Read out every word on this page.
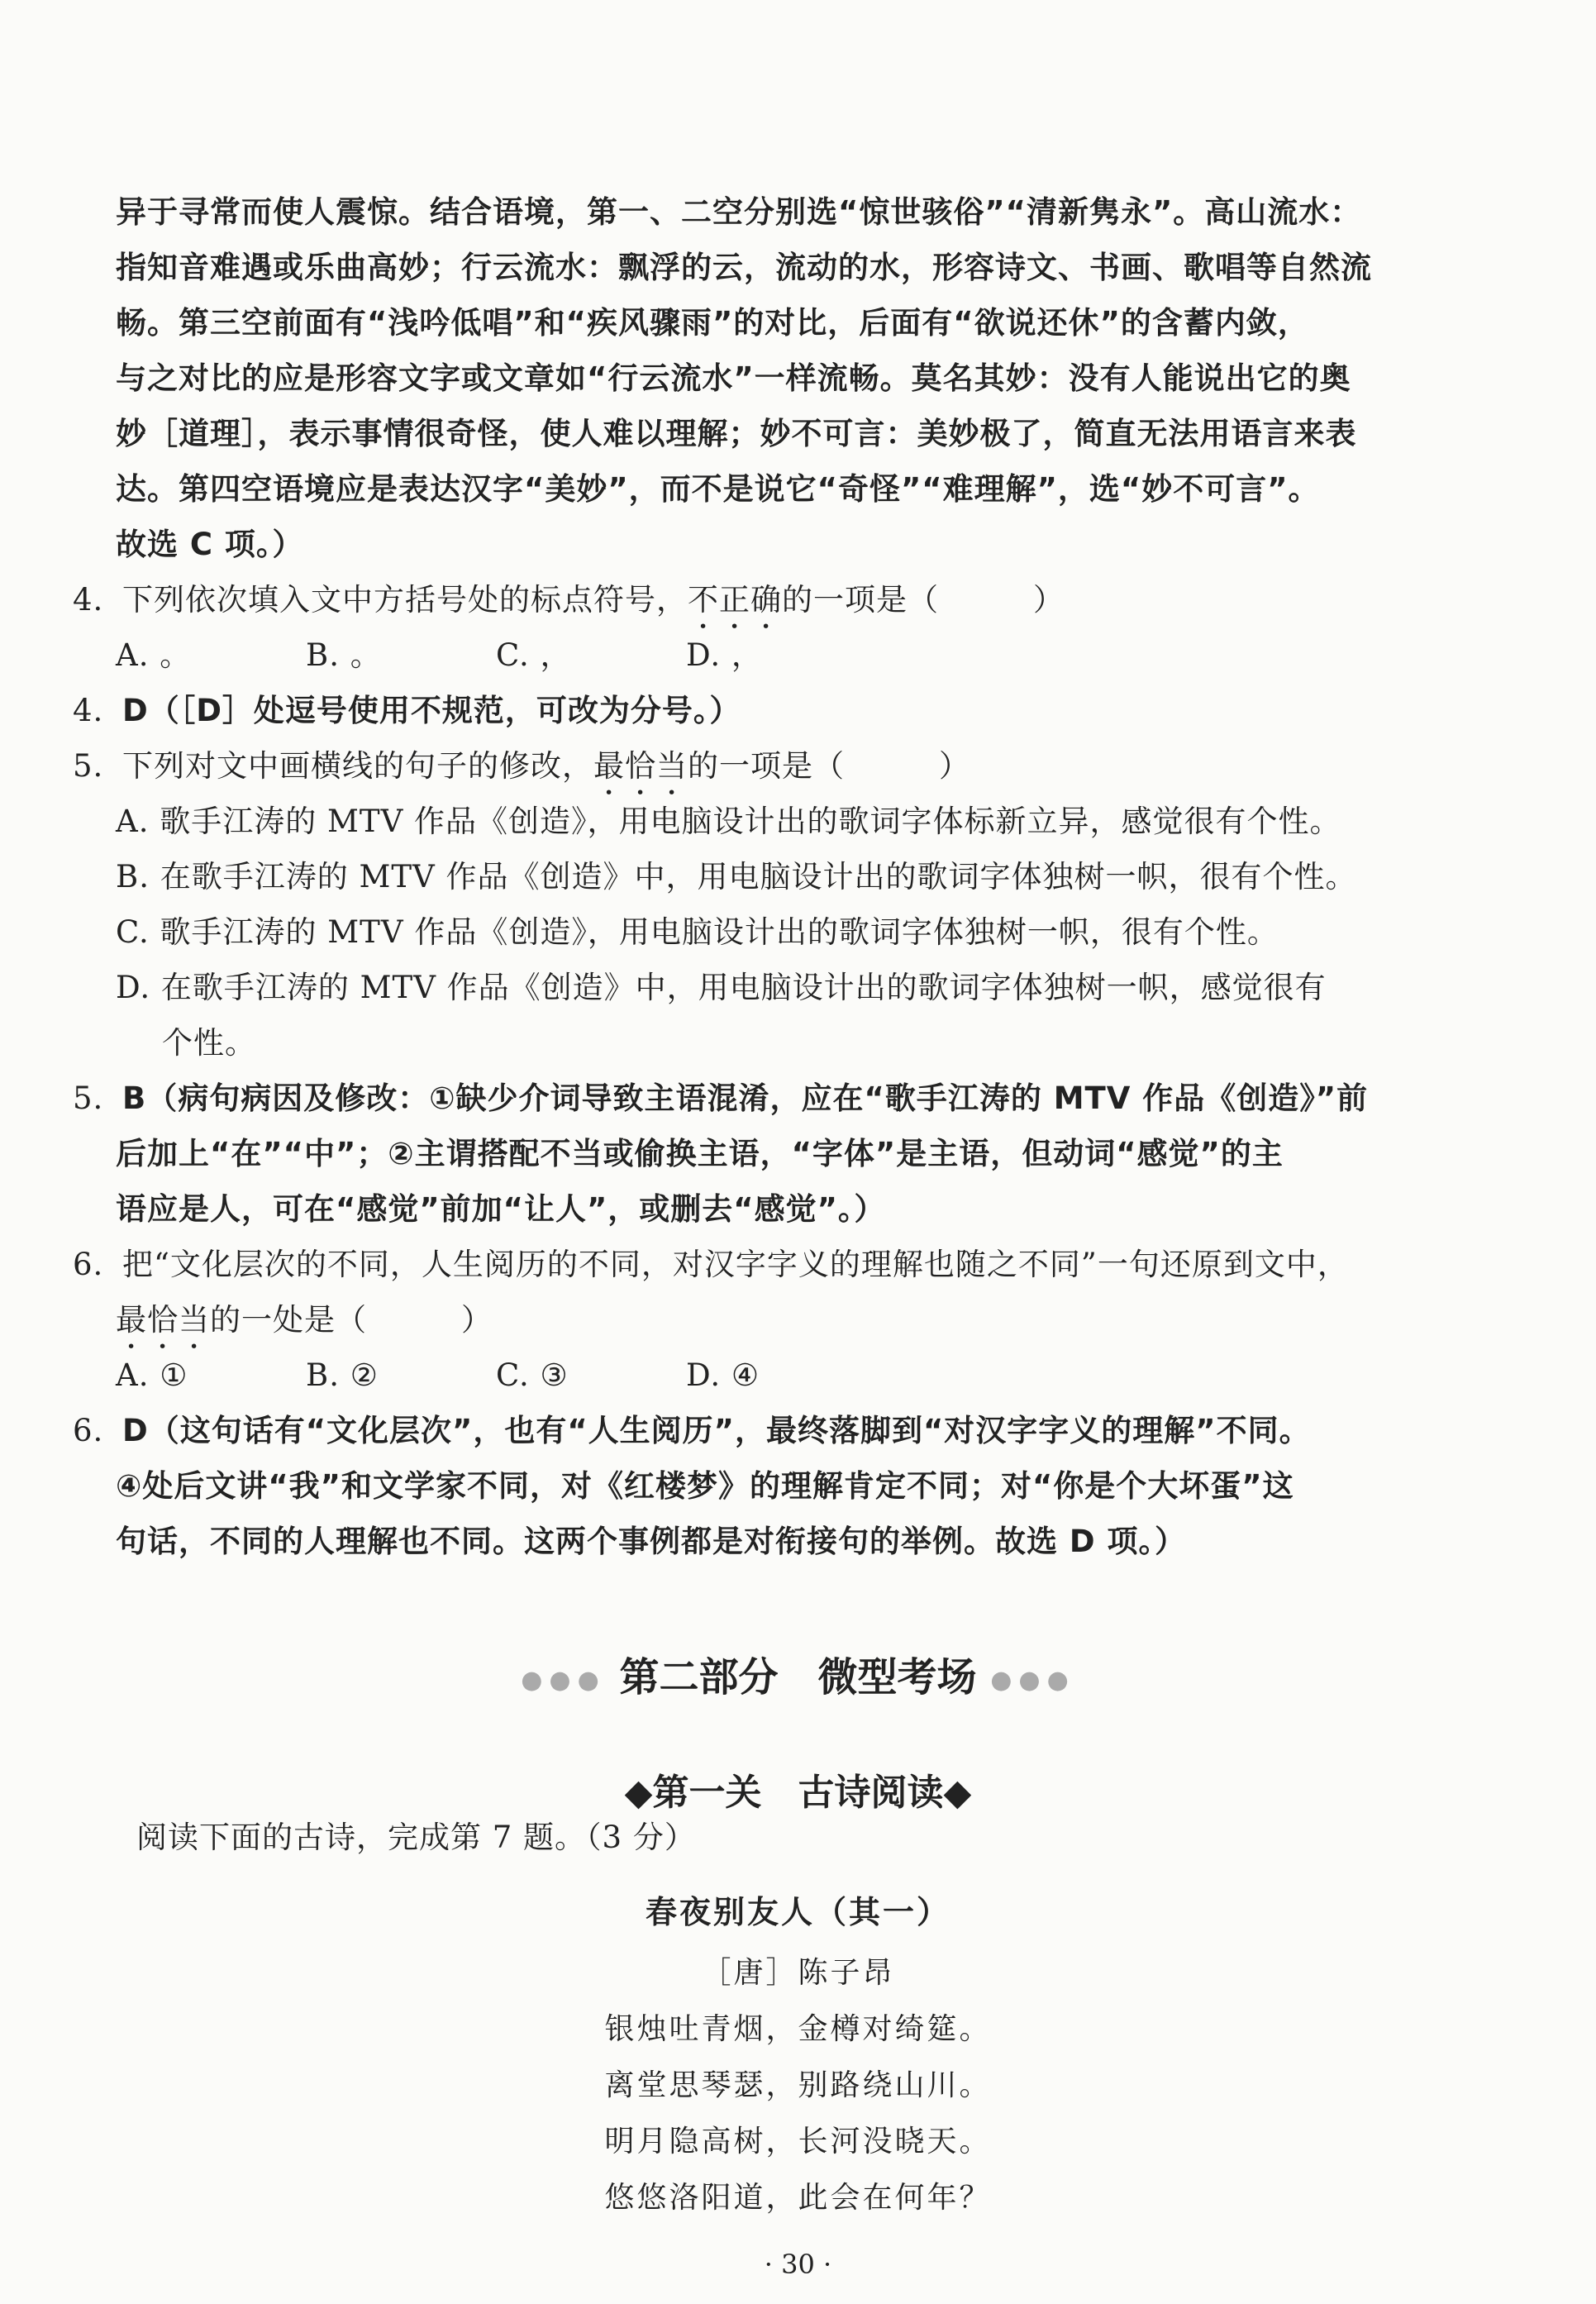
异于寻常而使人震惊。结合语境，第一、二空分别选“惊世骇俗”“清新隽永”。高山流水：
指知音难遇或乐曲高妙；行云流水：飘浮的云，流动的水，形容诗文、书画、歌唱等自然流
畅。第三空前面有“浅吟低唱”和“疾风骤雨”的对比，后面有“欲说还休”的含蓄内敛，
与之对比的应是形容文字或文章如“行云流水”一样流畅。莫名其妙：没有人能说出它的奥
妙［道理］，表示事情很奇怪，使人难以理解；妙不可言：美妙极了，简直无法用语言来表
达。第四空语境应是表达汉字“美妙”，而不是说它“奇怪”“难理解”，选“妙不可言”。
故选 C 项。）
4. 下列依次填入文中方括号处的标点符号，不正确的一项是（　　　）
A. 。	B. 。	C. ，	D. ，
4. D（［D］处逗号使用不规范，可改为分号。）
5. 下列对文中画横线的句子的修改，最恰当的一项是（　　　）
A. 歌手江涛的 MTV 作品《创造》，用电脑设计出的歌词字体标新立异，感觉很有个性。
B. 在歌手江涛的 MTV 作品《创造》中，用电脑设计出的歌词字体独树一帜，很有个性。
C. 歌手江涛的 MTV 作品《创造》，用电脑设计出的歌词字体独树一帜，很有个性。
D. 在歌手江涛的 MTV 作品《创造》中，用电脑设计出的歌词字体独树一帜，感觉很有
个性。
5. B（病句病因及修改：①缺少介词导致主语混淆，应在“歌手江涛的 MTV 作品《创造》”前
后加上“在”“中”；②主谓搭配不当或偷换主语，“字体”是主语，但动词“感觉”的主
语应是人，可在“感觉”前加“让人”，或删去“感觉”。）
6. 把“文化层次的不同，人生阅历的不同，对汉字字义的理解也随之不同”一句还原到文中，
最恰当的一处是（　　　）
A. ①	B. ②	C. ③	D. ④
6. D（这句话有“文化层次”，也有“人生阅历”，最终落脚到“对汉字字义的理解”不同。
④处后文讲“我”和文学家不同，对《红楼梦》的理解肯定不同；对“你是个大坏蛋”这
句话，不同的人理解也不同。这两个事例都是对衔接句的举例。故选 D 项。）
●●● 第二部分　微型考场 ●●●
◆第一关　古诗阅读◆
阅读下面的古诗，完成第 7 题。（3 分）
春夜别友人（其一）
［唐］陈子昂
银烛吐青烟，金樽对绮筵。
离堂思琴瑟，别路绕山川。
明月隐高树，长河没晓天。
悠悠洛阳道，此会在何年？
· 30 ·
